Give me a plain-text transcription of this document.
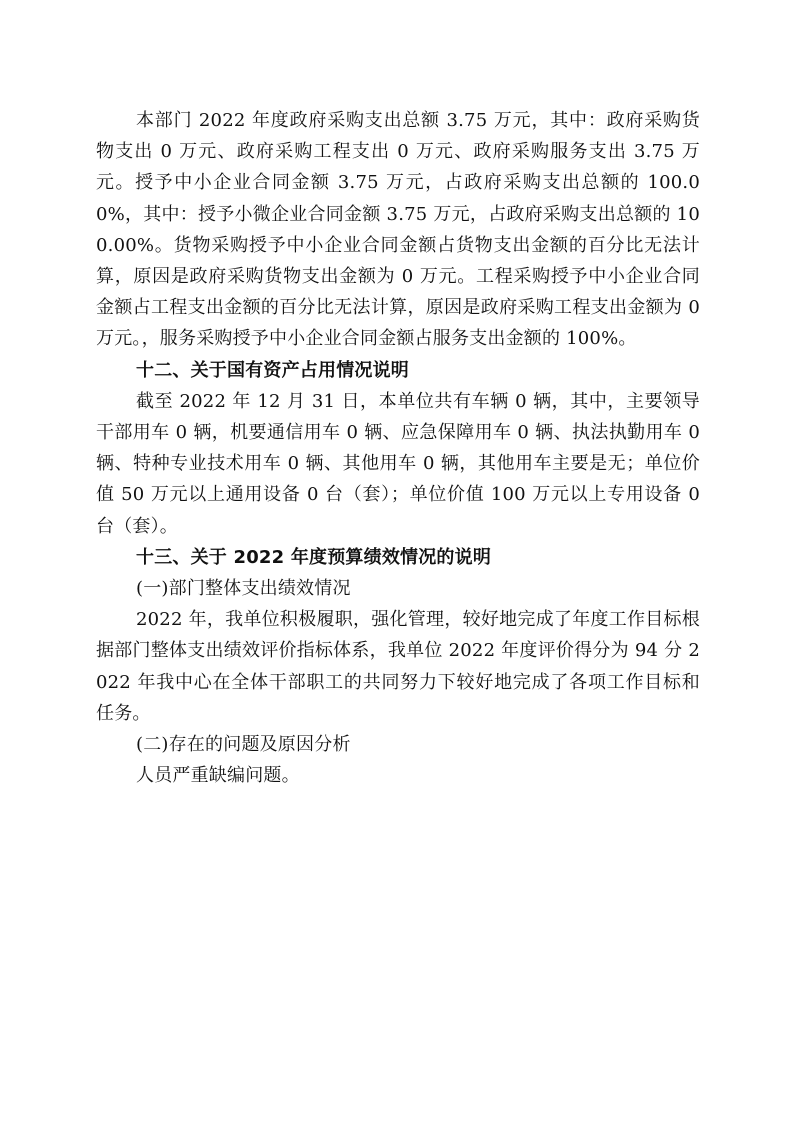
本部门 2022 年度政府采购支出总额 3.75 万元，其中：政府采购货物支出 0 万元、政府采购工程支出 0 万元、政府采购服务支出 3.75 万元。授予中小企业合同金额 3.75 万元，占政府采购支出总额的 100.00%，其中：授予小微企业合同金额 3.75 万元，占政府采购支出总额的 100.00%。货物采购授予中小企业合同金额占货物支出金额的百分比无法计算，原因是政府采购货物支出金额为 0 万元。工程采购授予中小企业合同金额占工程支出金额的百分比无法计算，原因是政府采购工程支出金额为 0 万元。，服务采购授予中小企业合同金额占服务支出金额的 100%。

十二、关于国有资产占用情况说明

截至 2022 年 12 月 31 日，本单位共有车辆 0 辆，其中，主要领导干部用车 0 辆，机要通信用车 0 辆、应急保障用车 0 辆、执法执勤用车 0 辆、特种专业技术用车 0 辆、其他用车 0 辆，其他用车主要是无；单位价值 50 万元以上通用设备 0 台（套）；单位价值 100 万元以上专用设备 0 台（套）。

十三、关于 2022 年度预算绩效情况的说明

(一)部门整体支出绩效情况

2022 年，我单位积极履职，强化管理，较好地完成了年度工作目标根据部门整体支出绩效评价指标体系，我单位 2022 年度评价得分为 94 分 2022 年我中心在全体干部职工的共同努力下较好地完成了各项工作目标和任务。

(二)存在的问题及原因分析

人员严重缺编问题。
